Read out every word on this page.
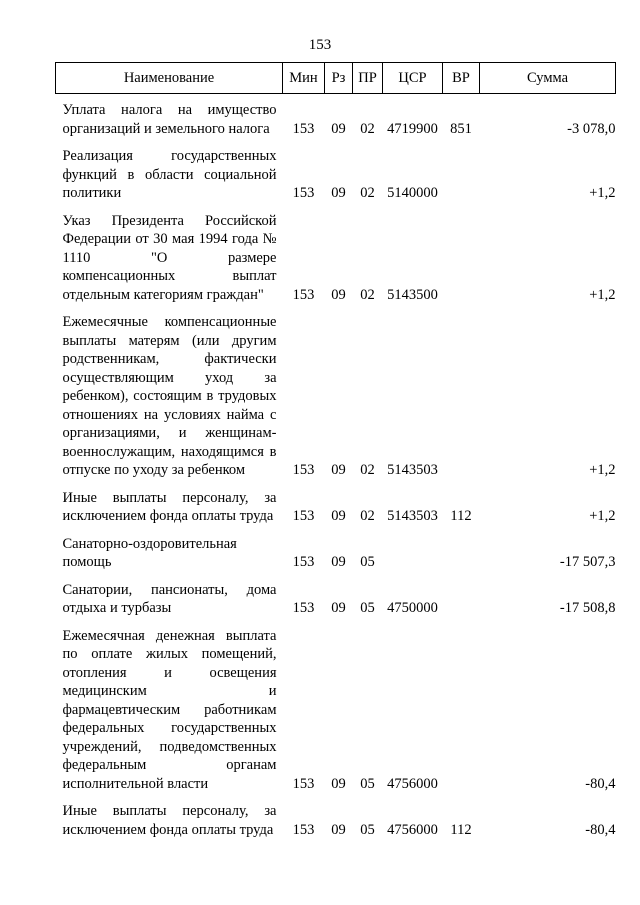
153
Наименование	Мин	Рз	ПР	ЦСР	ВР	Сумма
Уплата налога на имущество организаций и земельного налога	153	09	02	4719900	851	-3 078,0
Реализация государственных функций в области социальной политики	153	09	02	5140000		+1,2
Указ Президента Российской Федерации от 30 мая 1994 года № 1110 "О размере компенсационных выплат отдельным категориям граждан"	153	09	02	5143500		+1,2
Ежемесячные компенсационные выплаты матерям (или другим родственникам, фактически осуществляющим уход за ребенком), состоящим в трудовых отношениях на условиях найма с организациями, и женщинам-военнослужащим, находящимся в отпуске по уходу за ребенком	153	09	02	5143503		+1,2
Иные выплаты персоналу, за исключением фонда оплаты труда	153	09	02	5143503	112	+1,2
Санаторно-оздоровительная помощь	153	09	05			-17 507,3
Санатории, пансионаты, дома отдыха и турбазы	153	09	05	4750000		-17 508,8
Ежемесячная денежная выплата по оплате жилых помещений, отопления и освещения медицинским и фармацевтическим работникам федеральных государственных учреждений, подведомственных федеральным органам исполнительной власти	153	09	05	4756000		-80,4
Иные выплаты персоналу, за исключением фонда оплаты труда	153	09	05	4756000	112	-80,4
